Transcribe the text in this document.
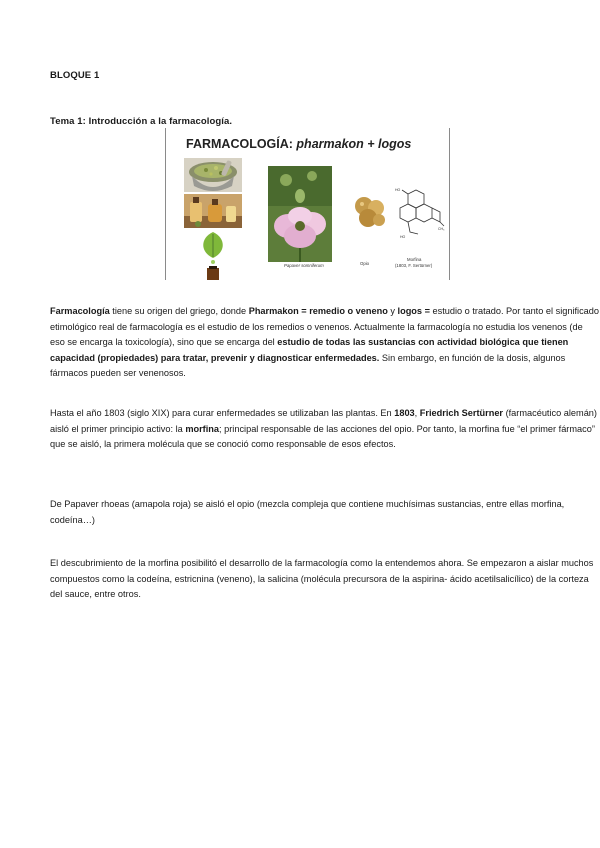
BLOQUE 1
Tema 1: Introducción a la farmacología.
FARMACOLOGÍA: pharmakon + logos
HO
HO
CH₃
Papaver somniferum	Opio
Morfina
(1803, F. Sertürner)

Farmacología tiene su origen del griego, donde Pharmakon = remedio o veneno y logos = estudio o tratado. Por tanto el significado etimológico real de farmacología es el estudio de los remedios o venenos. Actualmente la farmacología no estudia los venenos (de eso se encarga la toxicología), sino que se encarga del estudio de todas las sustancias con actividad biológica que tienen capacidad (propiedades) para tratar, prevenir y diagnosticar enfermedades. Sin embargo, en función de la dosis, algunos fármacos pueden ser venenosos.

Hasta el año 1803 (siglo XIX) para curar enfermedades se utilizaban las plantas. En 1803, Friedrich Sertürner (farmacéutico alemán) aisló el primer principio activo: la morfina; principal responsable de las acciones del opio. Por tanto, la morfina fue “el primer fármaco” que se aisló, la primera molécula que se conoció como responsable de esos efectos.

De Papaver rhoeas (amapola roja) se aisló el opio (mezcla compleja que contiene muchísimas sustancias, entre ellas morfina, codeína…)

El descubrimiento de la morfina posibilitó el desarrollo de la farmacología como la entendemos ahora. Se empezaron a aislar muchos compuestos como la codeína, estricnina (veneno), la salicina (molécula precursora de la aspirina- ácido acetilsalicílico) de la corteza del sauce, entre otros.
